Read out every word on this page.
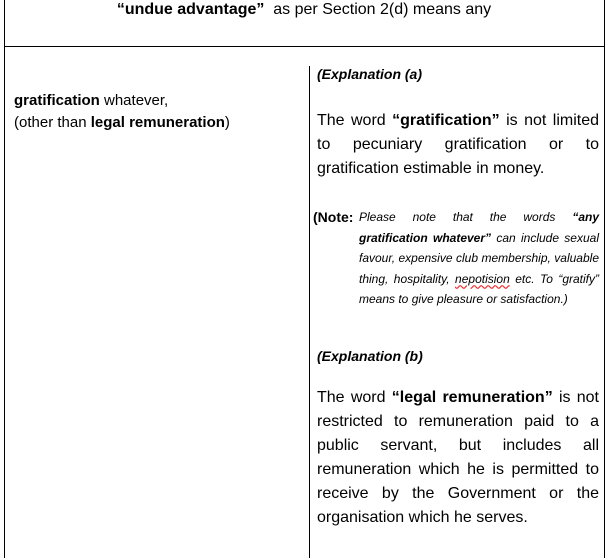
“undue advantage” as per Section 2(d) means any
gratification whatever,
(other than legal remuneration)
(Explanation (a)
The word “gratification” is not limited to pecuniary gratification or to gratification estimable in money.
(Note: Please note that the words “any gratification whatever” can include sexual favour, expensive club membership, valuable thing, hospitality, nepotision etc. To “gratify” means to give pleasure or satisfaction.)
(Explanation (b)
The word “legal remuneration” is not restricted to remuneration paid to a public servant, but includes all remuneration which he is permitted to receive by the Government or the organisation which he serves.
